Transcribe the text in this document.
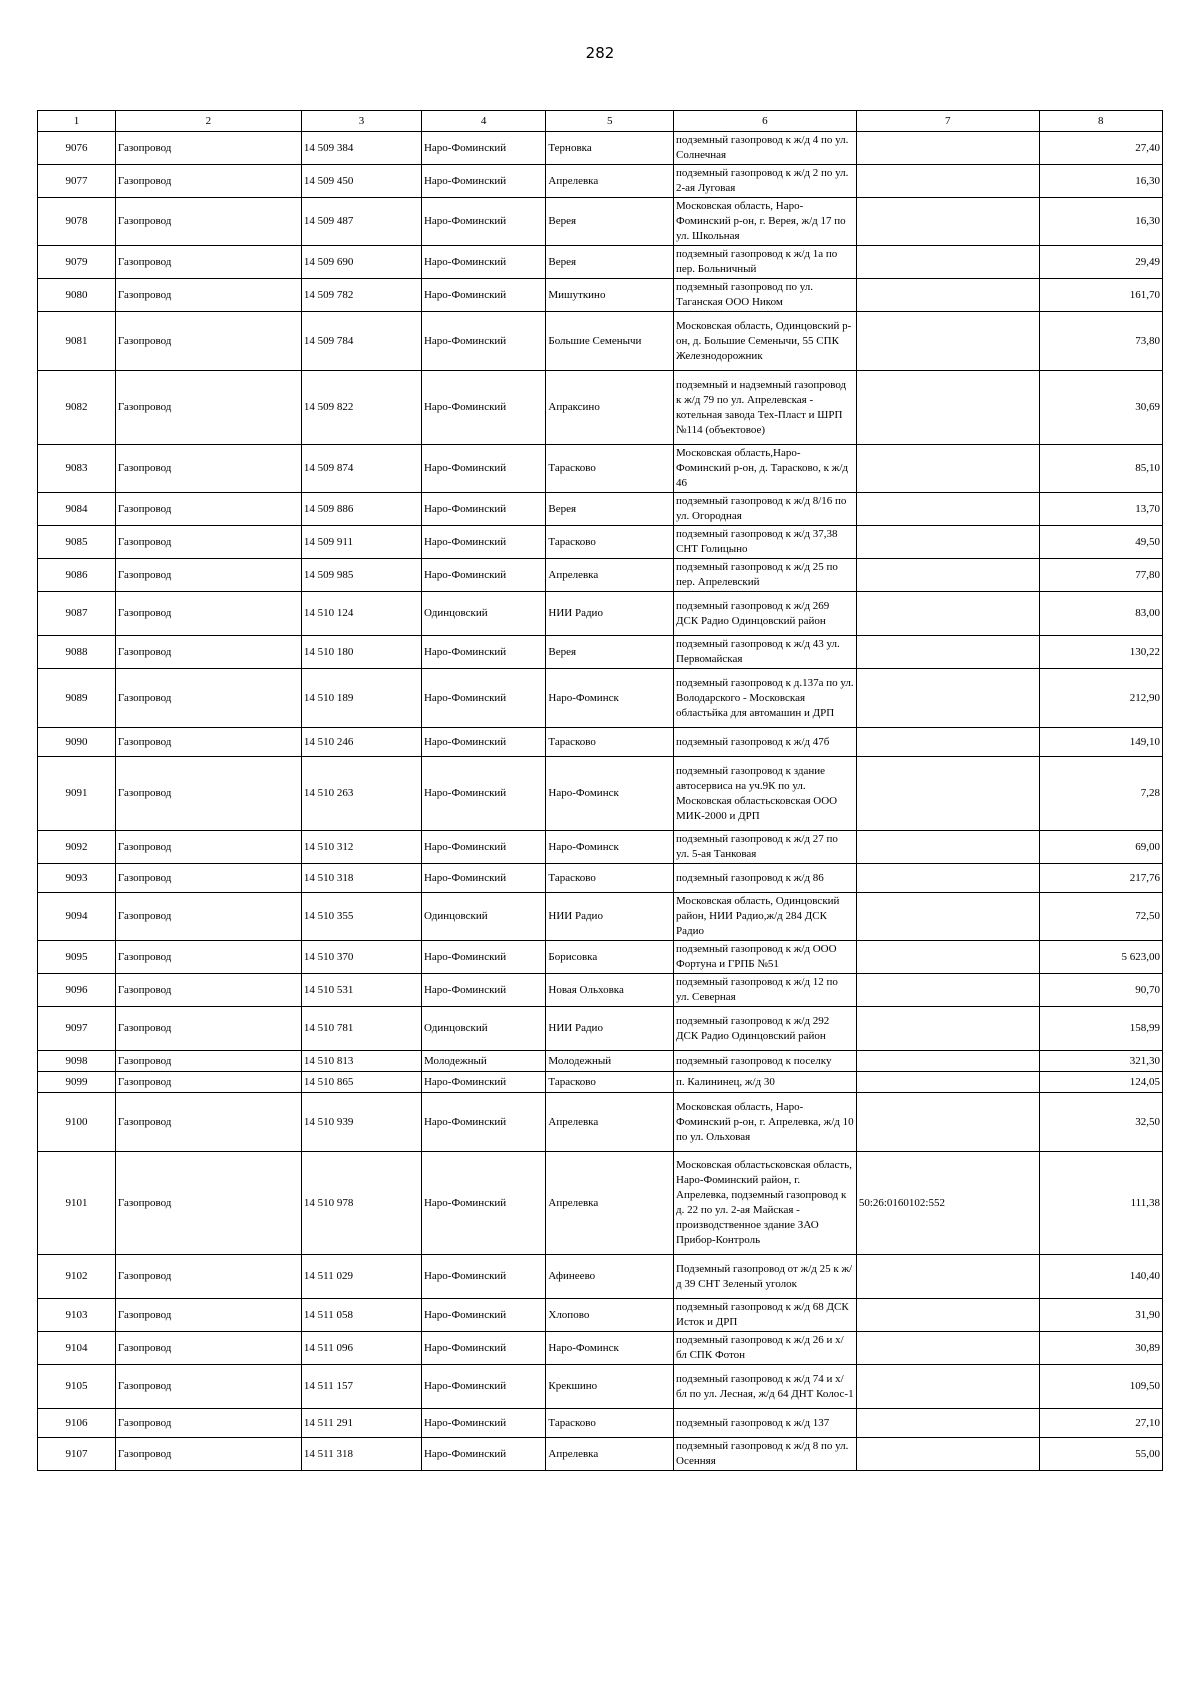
282
1	2	3	4	5	6	7	8
9076	Газопровод	14 509 384	Наро-Фоминский	Терновка	подземный газопровод к ж/д 4 по ул. Солнечная		27,40
9077	Газопровод	14 509 450	Наро-Фоминский	Апрелевка	подземный газопровод к ж/д 2 по ул. 2-ая Луговая		16,30
9078	Газопровод	14 509 487	Наро-Фоминский	Верея	Московская область, Наро-Фоминский р-он, г. Верея, ж/д 17 по ул. Школьная		16,30
9079	Газопровод	14 509 690	Наро-Фоминский	Верея	подземный газопровод к ж/д 1а по пер. Больничный		29,49
9080	Газопровод	14 509 782	Наро-Фоминский	Мишуткино	подземный газопровод по ул. Таганская ООО Ником		161,70
9081	Газопровод	14 509 784	Наро-Фоминский	Большие Семенычи	Московская область, Одинцовский р-он, д. Большие Семенычи, 55 СПК Железнодорожник		73,80
9082	Газопровод	14 509 822	Наро-Фоминский	Апраксино	подземный и надземный газопровод к ж/д 79 по ул. Апрелевская - котельная завода Тех-Пласт и ШРП №114 (объектовое)		30,69
9083	Газопровод	14 509 874	Наро-Фоминский	Тарасково	Московская область,Наро-Фоминский р-он, д. Тарасково, к ж/д 46		85,10
9084	Газопровод	14 509 886	Наро-Фоминский	Верея	подземный газопровод к ж/д 8/16 по ул. Огородная		13,70
9085	Газопровод	14 509 911	Наро-Фоминский	Тарасково	подземный газопровод к ж/д 37,38 СНТ Голицыно		49,50
9086	Газопровод	14 509 985	Наро-Фоминский	Апрелевка	подземный газопровод к ж/д 25 по пер. Апрелевский		77,80
9087	Газопровод	14 510 124	Одинцовский	НИИ Радио	подземный газопровод к ж/д 269 ДСК Радио Одинцовский район		83,00
9088	Газопровод	14 510 180	Наро-Фоминский	Верея	подземный газопровод к ж/д 43 ул. Первомайская		130,22
9089	Газопровод	14 510 189	Наро-Фоминский	Наро-Фоминск	подземный газопровод к д.137а по ул. Володарского - Московская областьйка для автомашин и ДРП		212,90
9090	Газопровод	14 510 246	Наро-Фоминский	Тарасково	подземный газопровод к ж/д 47б		149,10
9091	Газопровод	14 510 263	Наро-Фоминский	Наро-Фоминск	подземный газопровод к здание автосервиса на уч.9К по ул. Московская областьсковская ООО МИК-2000 и ДРП		7,28
9092	Газопровод	14 510 312	Наро-Фоминский	Наро-Фоминск	подземный газопровод к ж/д 27 по ул. 5-ая Танковая		69,00
9093	Газопровод	14 510 318	Наро-Фоминский	Тарасково	подземный газопровод к ж/д 86		217,76
9094	Газопровод	14 510 355	Одинцовский	НИИ Радио	Московская область, Одинцовский район, НИИ Радио,ж/д 284 ДСК Радио		72,50
9095	Газопровод	14 510 370	Наро-Фоминский	Борисовка	подземный газопровод к ж/д ООО Фортуна и ГРПБ №51		5 623,00
9096	Газопровод	14 510 531	Наро-Фоминский	Новая Ольховка	подземный газопровод к ж/д 12 по ул. Северная		90,70
9097	Газопровод	14 510 781	Одинцовский	НИИ Радио	подземный газопровод к ж/д 292 ДСК Радио Одинцовский район		158,99
9098	Газопровод	14 510 813	Молодежный	Молодежный	подземный газопровод к поселку		321,30
9099	Газопровод	14 510 865	Наро-Фоминский	Тарасково	п. Калининец, ж/д 30		124,05
9100	Газопровод	14 510 939	Наро-Фоминский	Апрелевка	Московская область, Наро-Фоминский р-он, г. Апрелевка, ж/д 10 по ул. Ольховая		32,50
9101	Газопровод	14 510 978	Наро-Фоминский	Апрелевка	Московская областьсковская область, Наро-Фоминский район, г. Апрелевка, подземный газопровод к д. 22 по ул. 2-ая Майская - производственное здание ЗАО Прибор-Контроль	50:26:0160102:552	111,38
9102	Газопровод	14 511 029	Наро-Фоминский	Афинеево	Подземный газопровод от ж/д 25 к ж/д 39 СНТ Зеленый уголок		140,40
9103	Газопровод	14 511 058	Наро-Фоминский	Хлопово	подземный газопровод к ж/д 68 ДСК Исток и ДРП		31,90
9104	Газопровод	14 511 096	Наро-Фоминский	Наро-Фоминск	подземный газопровод к ж/д 26 и х/бл СПК Фотон		30,89
9105	Газопровод	14 511 157	Наро-Фоминский	Крекшино	подземный газопровод к ж/д 74 и х/бл по ул. Лесная, ж/д 64 ДНТ Колос-1		109,50
9106	Газопровод	14 511 291	Наро-Фоминский	Тарасково	подземный газопровод к ж/д 137		27,10
9107	Газопровод	14 511 318	Наро-Фоминский	Апрелевка	подземный газопровод к ж/д 8 по ул. Осенняя		55,00
